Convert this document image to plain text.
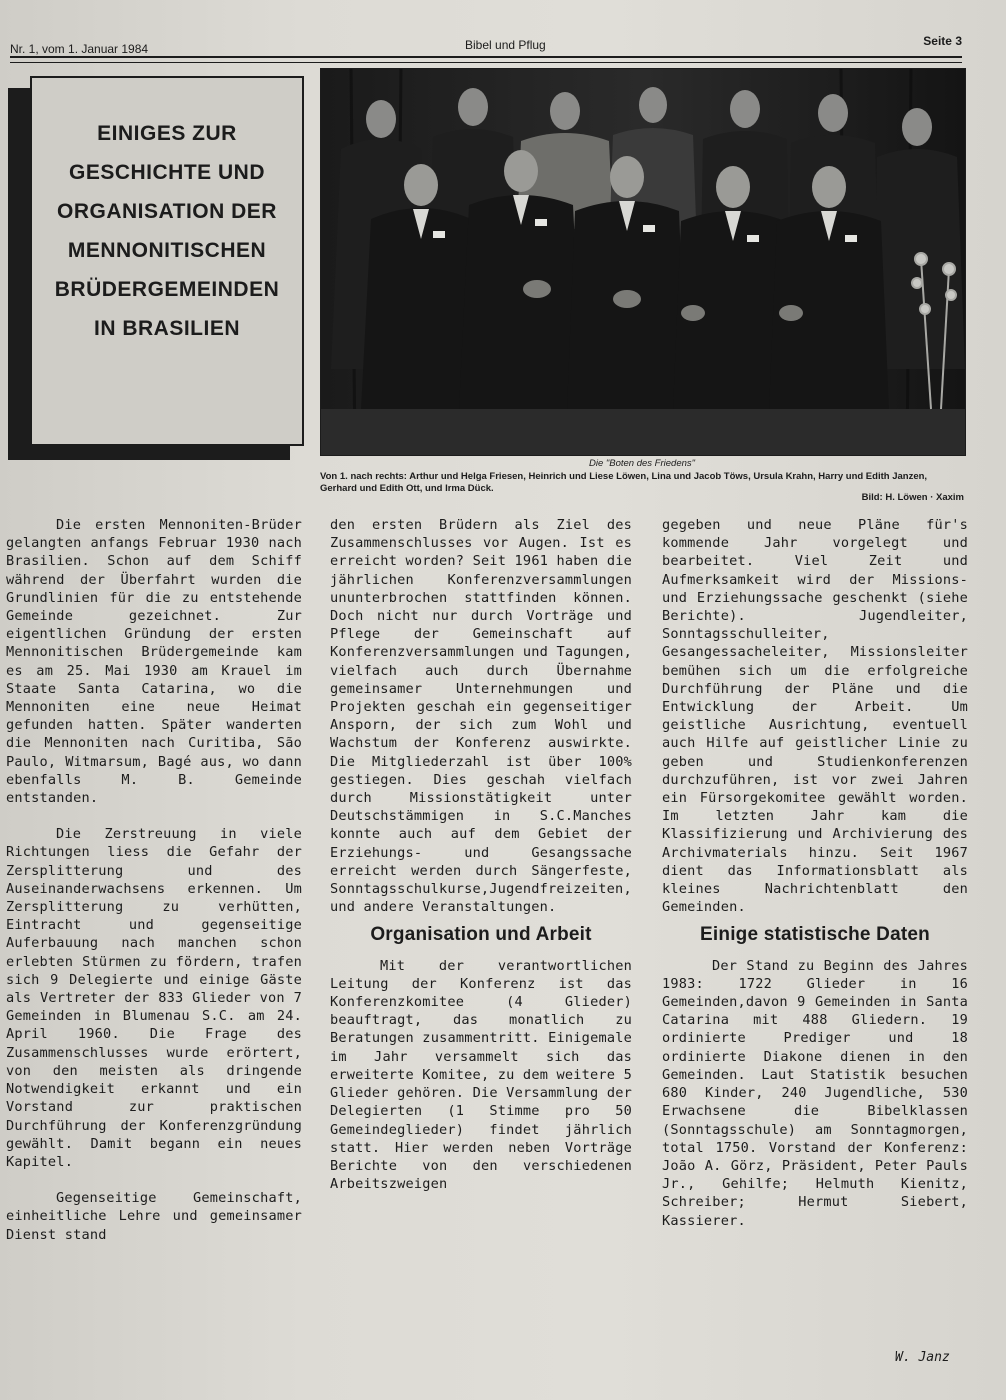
Nr. 1, vom 1. Januar 1984	Bibel und Pflug	Seite 3
EINIGES ZUR
GESCHICHTE UND
ORGANISATION DER
MENNONITISCHEN
BRÜDERGEMEINDEN
IN BRASILIEN
Die "Boten des Friedens"
Von 1. nach rechts: Arthur und Helga Friesen, Heinrich und Liese Löwen, Lina und Jacob Töws, Ursula Krahn, Harry und Edith Janzen, Gerhard und Edith Ott, und Irma Dück.
Bild: H. Löwen · Xaxim

Die ersten Mennoniten-Brüder gelangten anfangs Februar 1930 nach Brasilien. Schon auf dem Schiff während der Überfahrt wurden die Grundlinien für die zu entstehende Gemeinde gezeichnet. Zur eigentlichen Gründung der ersten Mennonitischen Brüdergemeinde kam es am 25. Mai 1930 am Krauel im Staate Santa Catarina, wo die Mennoniten eine neue Heimat gefunden hatten. Später wanderten die Mennoniten nach Curitiba, São Paulo, Witmarsum, Bagé aus, wo dann ebenfalls M. B. Gemeinde entstanden.

Die Zerstreuung in viele Richtungen liess die Gefahr der Zersplitterung und des Auseinanderwachsens erkennen. Um Zersplitterung zu verhütten, Eintracht und gegenseitige Auferbauung nach manchen schon erlebten Stürmen zu fördern, trafen sich 9 Delegierte und einige Gäste als Vertreter der 833 Glieder von 7 Gemeinden in Blumenau S.C. am 24. April 1960. Die Frage des Zusammenschlusses wurde erörtert, von den meisten als dringende Notwendigkeit erkannt und ein Vorstand zur praktischen Durchführung der Konferenzgründung gewählt. Damit begann ein neues Kapitel.

Gegenseitige Gemeinschaft, einheitliche Lehre und gemeinsamer Dienst stand

den ersten Brüdern als Ziel des Zusammenschlusses vor Augen. Ist es erreicht worden? Seit 1961 haben die jährlichen Konferenzversammlungen ununterbrochen stattfinden können. Doch nicht nur durch Vorträge und Pflege der Gemeinschaft auf Konferenzversammlungen und Tagungen, vielfach auch durch Übernahme gemeinsamer Unternehmungen und Projekten geschah ein gegenseitiger Ansporn, der sich zum Wohl und Wachstum der Konferenz auswirkte. Die Mitgliederzahl ist über 100% gestiegen. Dies geschah vielfach durch Missionstätigkeit unter Deutschstämmigen in S.C.Manches konnte auch auf dem Gebiet der Erziehungs- und Gesangssache erreicht werden durch Sängerfeste, Sonntagsschulkurse,Jugendfreizeiten, und andere Veranstaltungen.

Organisation und Arbeit

Mit der verantwortlichen Leitung der Konferenz ist das Konferenzkomitee (4 Glieder) beauftragt, das monatlich zu Beratungen zusammentritt. Einigemale im Jahr versammelt sich das erweiterte Komitee, zu dem weitere 5 Glieder gehören. Die Versammlung der Delegierten (1 Stimme pro 50 Gemeindeglieder) findet jährlich statt. Hier werden neben Vorträge Berichte von den verschiedenen Arbeitszweigen

gegeben und neue Pläne für's kommende Jahr vorgelegt und bearbeitet. Viel Zeit und Aufmerksamkeit wird der Missions- und Erziehungssache geschenkt (siehe Berichte). Jugendleiter, Sonntagsschulleiter, Gesangessacheleiter, Missionsleiter bemühen sich um die erfolgreiche Durchführung der Pläne und die Entwicklung der Arbeit. Um geistliche Ausrichtung, eventuell auch Hilfe auf geistlicher Linie zu geben und Studienkonferenzen durchzuführen, ist vor zwei Jahren ein Fürsorgekomitee gewählt worden. Im letzten Jahr kam die Klassifizierung und Archivierung des Archivmaterials hinzu. Seit 1967 dient das Informationsblatt als kleines Nachrichtenblatt den Gemeinden.

Einige statistische Daten

Der Stand zu Beginn des Jahres 1983: 1722 Glieder in 16 Gemeinden,davon 9 Gemeinden in Santa Catarina mit 488 Gliedern. 19 ordinierte Prediger und 18 ordinierte Diakone dienen in den Gemeinden. Laut Statistik besuchen 680 Kinder, 240 Jugendliche, 530 Erwachsene die Bibelklassen (Sonntagsschule) am Sonntagmorgen, total 1750. Vorstand der Konferenz: João A. Görz, Präsident, Peter Pauls Jr., Gehilfe; Helmuth Kienitz, Schreiber; Hermut Siebert, Kassierer.

W. Janz
